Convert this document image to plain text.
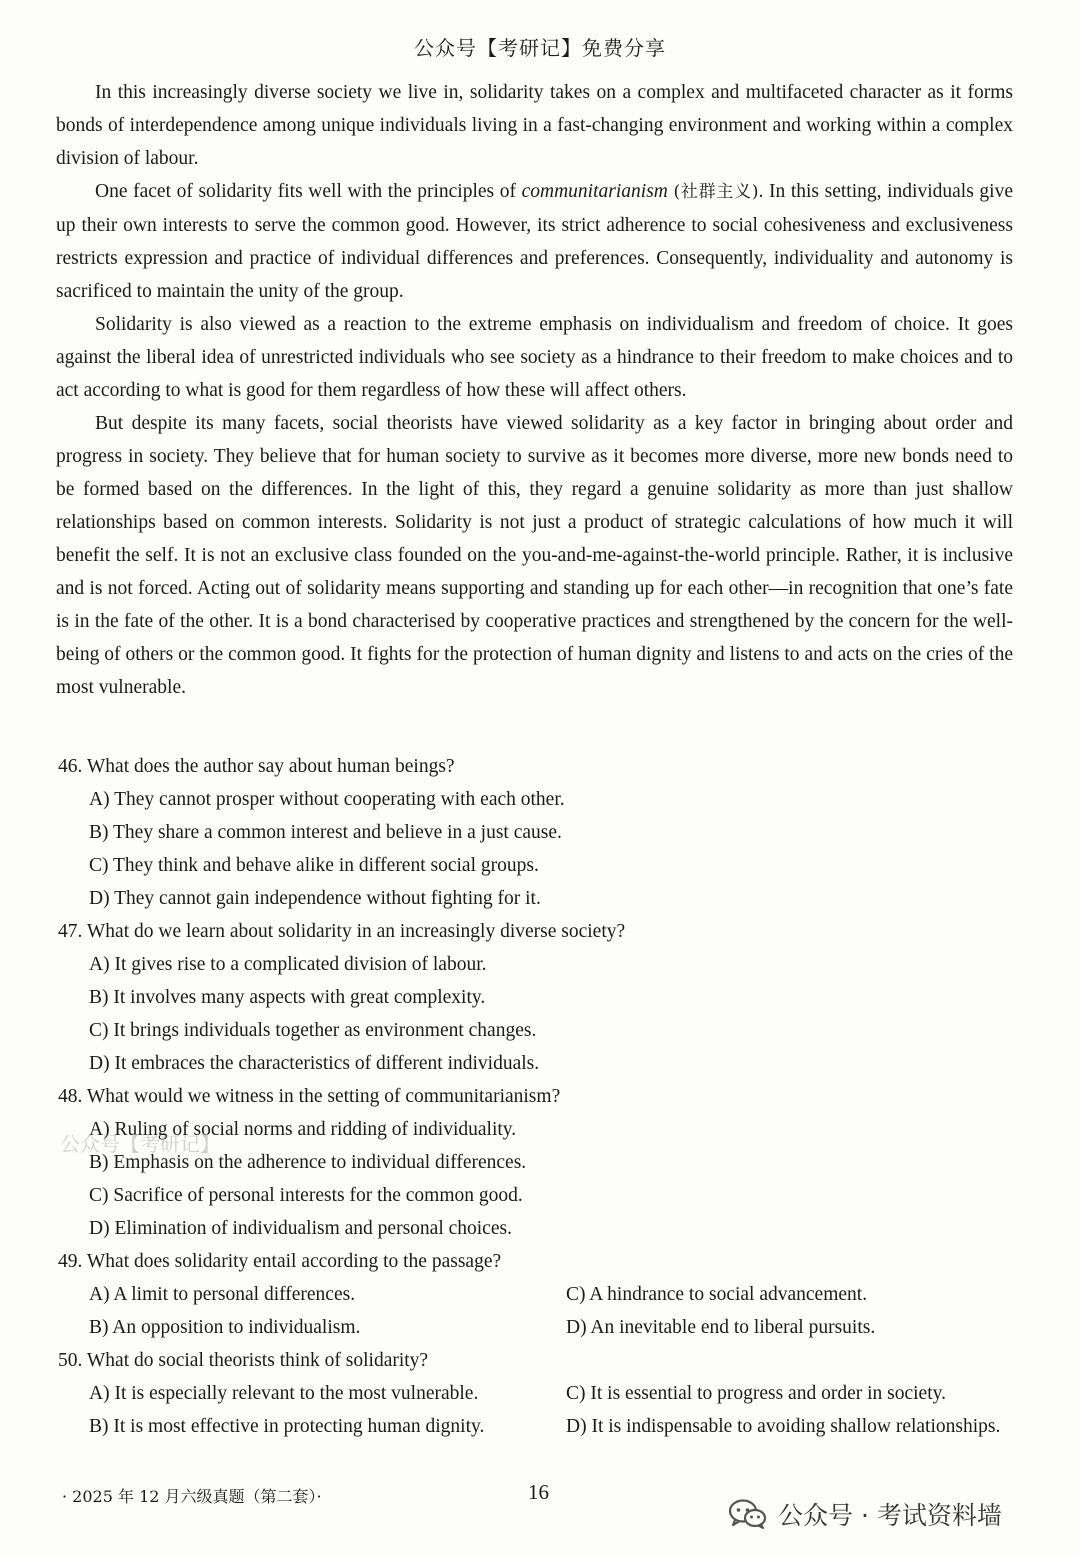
公众号【考研记】免费分享

In this increasingly diverse society we live in, solidarity takes on a complex and multifaceted character as it forms bonds of interdependence among unique individuals living in a fast-changing environment and working within a complex division of labour.

One facet of solidarity fits well with the principles of communitarianism (社群主义). In this setting, individuals give up their own interests to serve the common good. However, its strict adherence to social cohesiveness and exclusiveness restricts expression and practice of individual differences and preferences. Consequently, individuality and autonomy is sacrificed to maintain the unity of the group.

Solidarity is also viewed as a reaction to the extreme emphasis on individualism and freedom of choice. It goes against the liberal idea of unrestricted individuals who see society as a hindrance to their freedom to make choices and to act according to what is good for them regardless of how these will affect others.

But despite its many facets, social theorists have viewed solidarity as a key factor in bringing about order and progress in society. They believe that for human society to survive as it becomes more diverse, more new bonds need to be formed based on the differences. In the light of this, they regard a genuine solidarity as more than just shallow relationships based on common interests. Solidarity is not just a product of strategic calculations of how much it will benefit the self. It is not an exclusive class founded on the you-and-me-against-the-world principle. Rather, it is inclusive and is not forced. Acting out of solidarity means supporting and standing up for each other—in recognition that one’s fate is in the fate of the other. It is a bond characterised by cooperative practices and strengthened by the concern for the well-being of others or the common good. It fights for the protection of human dignity and listens to and acts on the cries of the most vulnerable.

46. What does the author say about human beings?

A) They cannot prosper without cooperating with each other.

B) They share a common interest and believe in a just cause.

C) They think and behave alike in different social groups.

D) They cannot gain independence without fighting for it.

47. What do we learn about solidarity in an increasingly diverse society?

A) It gives rise to a complicated division of labour.

B) It involves many aspects with great complexity.

C) It brings individuals together as environment changes.

D) It embraces the characteristics of different individuals.

48. What would we witness in the setting of communitarianism?

A) Ruling of social norms and ridding of individuality.

B) Emphasis on the adherence to individual differences.

C) Sacrifice of personal interests for the common good.

D) Elimination of individualism and personal choices.

49. What does solidarity entail according to the passage?

A) A limit to personal differences.	C) A hindrance to social advancement.

B) An opposition to individualism.	D) An inevitable end to liberal pursuits.

50. What do social theorists think of solidarity?

A) It is especially relevant to the most vulnerable.	C) It is essential to progress and order in society.

B) It is most effective in protecting human dignity.	D) It is indispensable to avoiding shallow relationships.

公众号【考研记】
· 2025 年 12 月六级真题（第二套）·	16
公众号 · 考试资料墙
